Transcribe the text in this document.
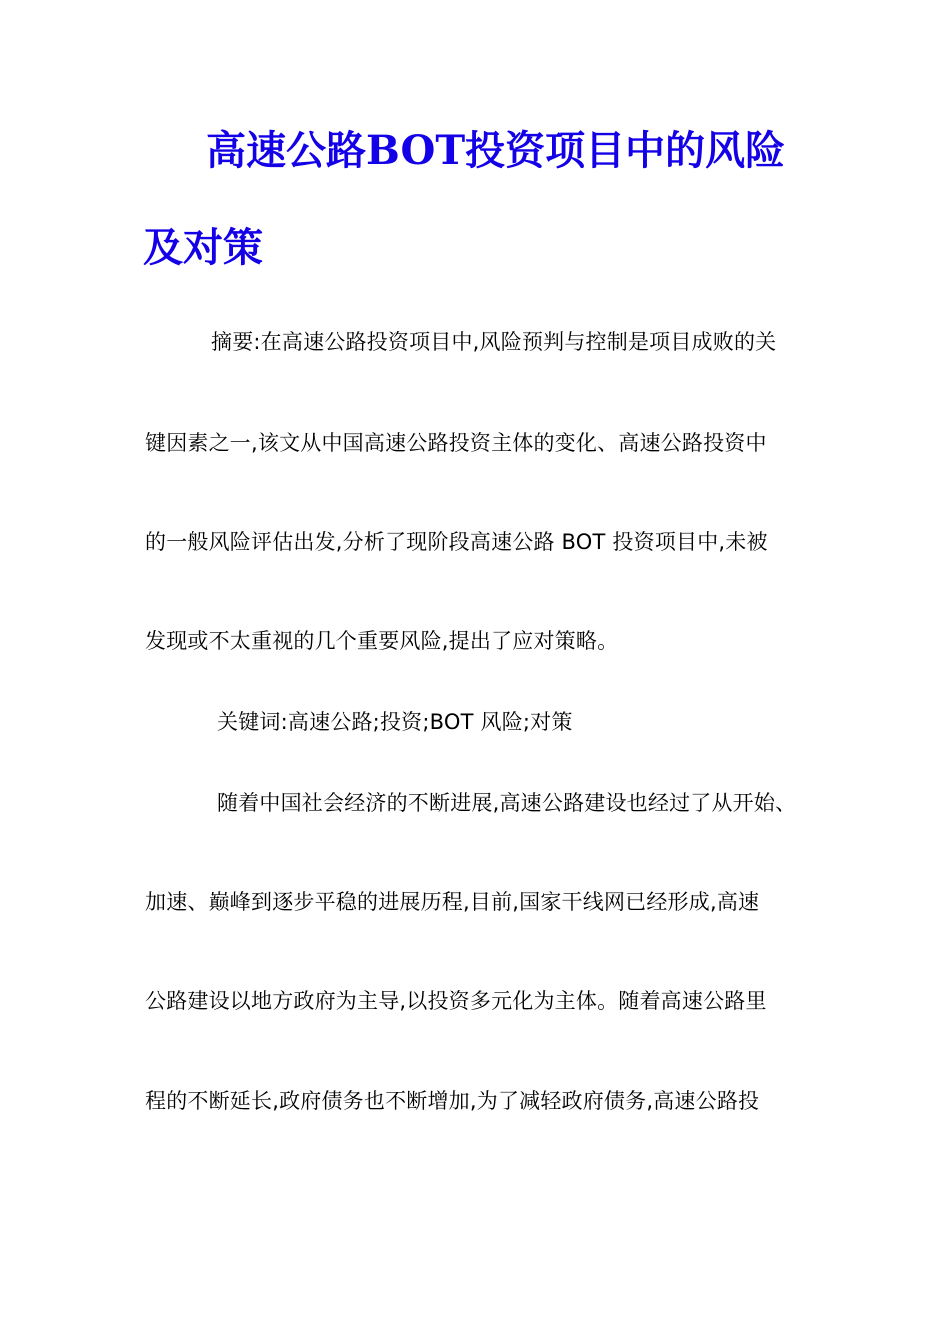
高速公路BOT投资项目中的风险
及对策
摘要:在高速公路投资项目中,风险预判与控制是项目成败的关
键因素之一,该文从中国高速公路投资主体的变化、高速公路投资中
的一般风险评估出发,分析了现阶段高速公路 BOT 投资项目中,未被
发现或不太重视的几个重要风险,提出了应对策略。
关键词:高速公路;投资;BOT 风险;对策
随着中国社会经济的不断进展,高速公路建设也经过了从开始、
加速、巅峰到逐步平稳的进展历程,目前,国家干线网已经形成,高速
公路建设以地方政府为主导,以投资多元化为主体。随着高速公路里
程的不断延长,政府债务也不断增加,为了减轻政府债务,高速公路投
